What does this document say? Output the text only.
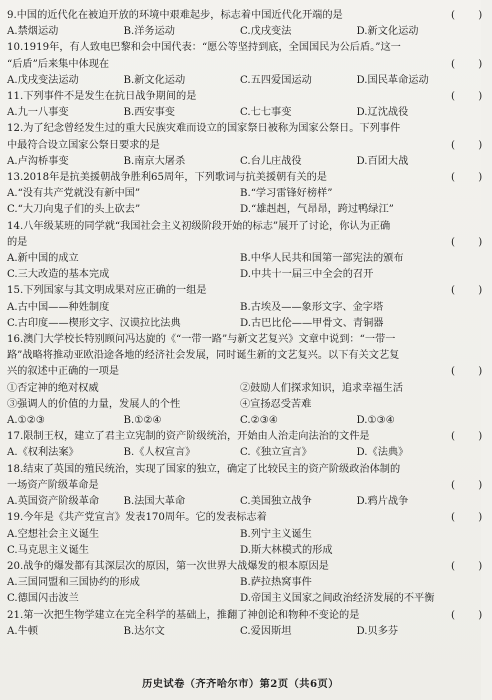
9.中国的近代化在被迫开放的环境中艰难起步，标志着中国近代化开端的是	( )
A.禁烟运动	B.洋务运动	C.戊戌变法	D.新文化运动
10.1919年，有人致电巴黎和会中国代表：“愿公等坚持到底，全国国民为公后盾。”这一
“后盾”后来集中体现在	( )
A.戊戌变法运动	B.新文化运动	C.五四爱国运动	D.国民革命运动
11.下列事件不是发生在抗日战争期间的是	( )
A.九一八事变	B.西安事变	C.七七事变	D.辽沈战役
12.为了纪念曾经发生过的重大民族灾难而设立的国家祭日被称为国家公祭日。下列事件
中最符合设立国家公祭日要求的是	( )
A.卢沟桥事变	B.南京大屠杀	C.台儿庄战役	D.百团大战
13.2018年是抗美援朝战争胜利65周年，下列歌词与抗美援朝有关的是	( )
A.“没有共产党就没有新中国”	B.“学习雷锋好榜样”
C.“大刀向鬼子们的头上砍去”	D.“雄赳赳，气昂昂，跨过鸭绿江”
14.八年级某班的同学就“我国社会主义初级阶段开始的标志”展开了讨论，你认为正确
的是	( )
A.新中国的成立	B.中华人民共和国第一部宪法的颁布
C.三大改造的基本完成	D.中共十一届三中全会的召开
15.下列国家与其文明成果对应正确的一组是	( )
A.古中国——种姓制度	B.古埃及——象形文字、金字塔
C.古印度——楔形文字、汉谟拉比法典	D.古巴比伦——甲骨文、青铜器
16.澳门大学校长特别顾问冯达旋的《“一带一路”与新文艺复兴》文章中说到：“一带一
路”战略将推动亚欧沿途各地的经济社会发展，同时诞生新的文艺复兴。以下有关文艺复
兴的叙述中正确的一项是	( )
①否定神的绝对权威	②鼓励人们探求知识，追求幸福生活
③强调人的价值的力量，发展人的个性	④宣扬忍受苦难
A.①②③	B.①②④	C.②③④	D.①③④
17.限制王权，建立了君主立宪制的资产阶级统治，开始由人治走向法治的文件是	( )
A.《权利法案》	B.《人权宣言》	C.《独立宣言》	D.《法典》
18.结束了英国的殖民统治，实现了国家的独立，确定了比较民主的资产阶级政治体制的
一场资产阶级革命是	( )
A.英国资产阶级革命	B.法国大革命	C.美国独立战争	D.鸦片战争
19.今年是《共产党宣言》发表170周年。它的发表标志着	( )
A.空想社会主义诞生	B.列宁主义诞生
C.马克思主义诞生	D.斯大林模式的形成
20.战争的爆发都有其深层次的原因，第一次世界大战爆发的根本原因是	( )
A.三国同盟和三国协约的形成	B.萨拉热窝事件
C.德国闪击波兰	D.帝国主义国家之间政治经济发展的不平衡
21.第一次把生物学建立在完全科学的基础上，推翻了神创论和物种不变论的是	( )
A.牛顿	B.达尔文	C.爱因斯坦	D.贝多芬
历史试卷（齐齐哈尔市）第2页（共6页）
